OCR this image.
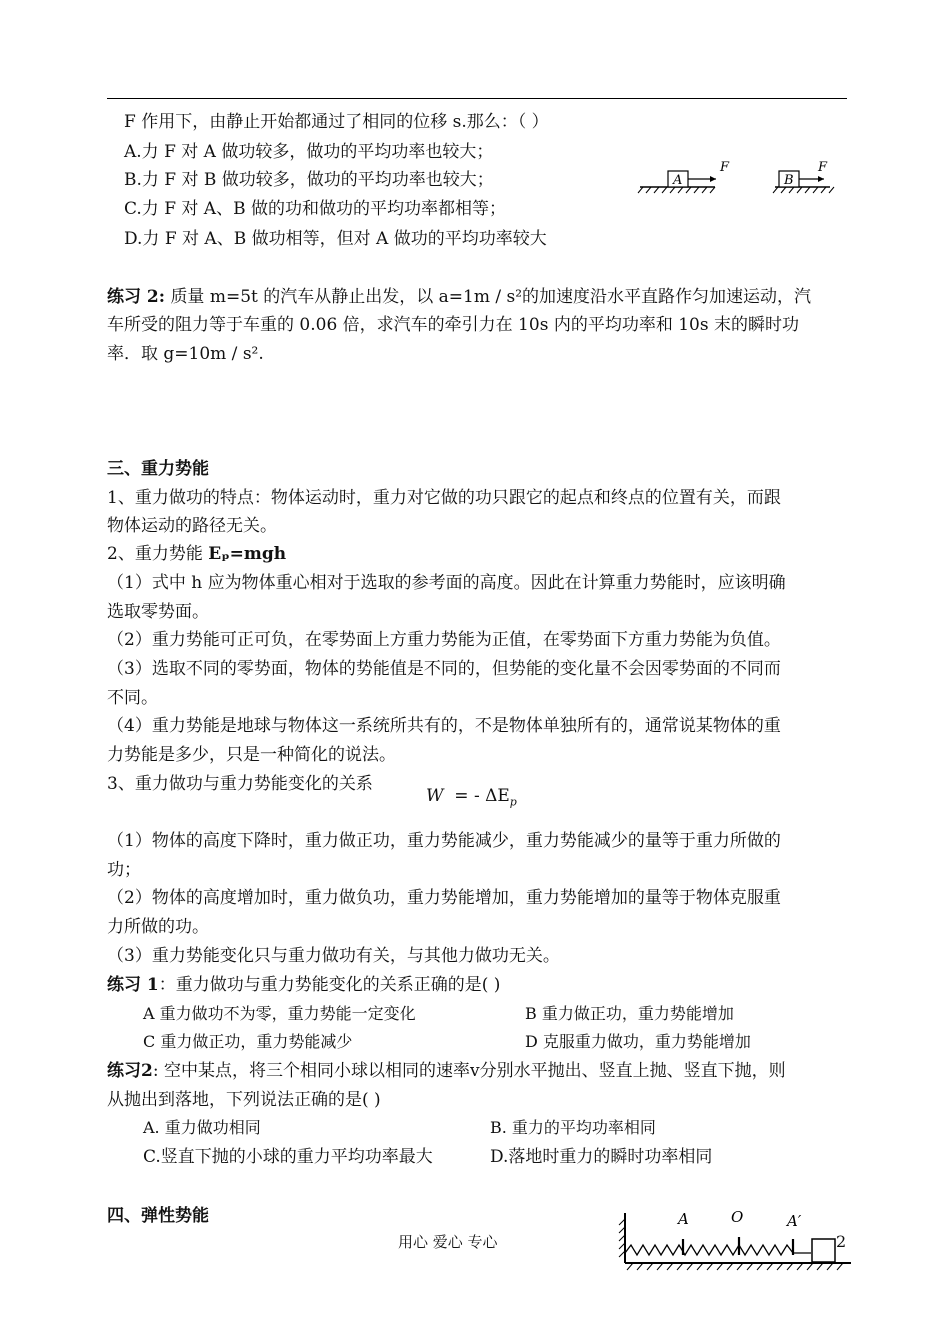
F 作用下，由静止开始都通过了相同的位移 s.那么：（ ）
A.力 F 对 A 做功较多，做功的平均功率也较大；
B.力 F 对 B 做功较多，做功的平均功率也较大；
C.力 F 对 A、B 做的功和做功的平均功率都相等；
D.力 F 对 A、B 做功相等，但对 A 做功的平均功率较大
A
F
B
F
练习 2: 质量 m=5t 的汽车从静止出发，以 a=1m / s²的加速度沿水平直路作匀加速运动，汽
车所受的阻力等于车重的 0.06 倍，求汽车的牵引力在 10s 内的平均功率和 10s 末的瞬时功
率．取 g=10m / s².
三、重力势能
1、重力做功的特点：物体运动时，重力对它做的功只跟它的起点和终点的位置有关，而跟
物体运动的路径无关。
2、重力势能 Eₚ=mgh
（1）式中 h 应为物体重心相对于选取的参考面的高度。因此在计算重力势能时，应该明确
选取零势面。
（2）重力势能可正可负，在零势面上方重力势能为正值，在零势面下方重力势能为负值。
（3）选取不同的零势面，物体的势能值是不同的，但势能的变化量不会因零势面的不同而
不同。
（4）重力势能是地球与物体这一系统所共有的，不是物体单独所有的，通常说某物体的重
力势能是多少，只是一种简化的说法。
3、重力做功与重力势能变化的关系
W = - $\Delta E_p$
（1）物体的高度下降时，重力做正功，重力势能减少，重力势能减少的量等于重力所做的
功；
（2）物体的高度增加时，重力做负功，重力势能增加，重力势能增加的量等于物体克服重
力所做的功。
（3）重力势能变化只与重力做功有关，与其他力做功无关。
练习 1：重力做功与重力势能变化的关系正确的是( )
A 重力做功不为零，重力势能一定变化	B 重力做正功，重力势能增加
C 重力做正功，重力势能减少	D 克服重力做功，重力势能增加
练习2: 空中某点，将三个相同小球以相同的速率v分别水平抛出、竖直上抛、竖直下抛，则
从抛出到落地，下列说法正确的是( )
A. 重力做功相同	B. 重力的平均功率相同
C.竖直下抛的小球的重力平均功率最大	D.落地时重力的瞬时功率相同
四、弹性势能	A	O	A′
用心 爱心 专心	2
